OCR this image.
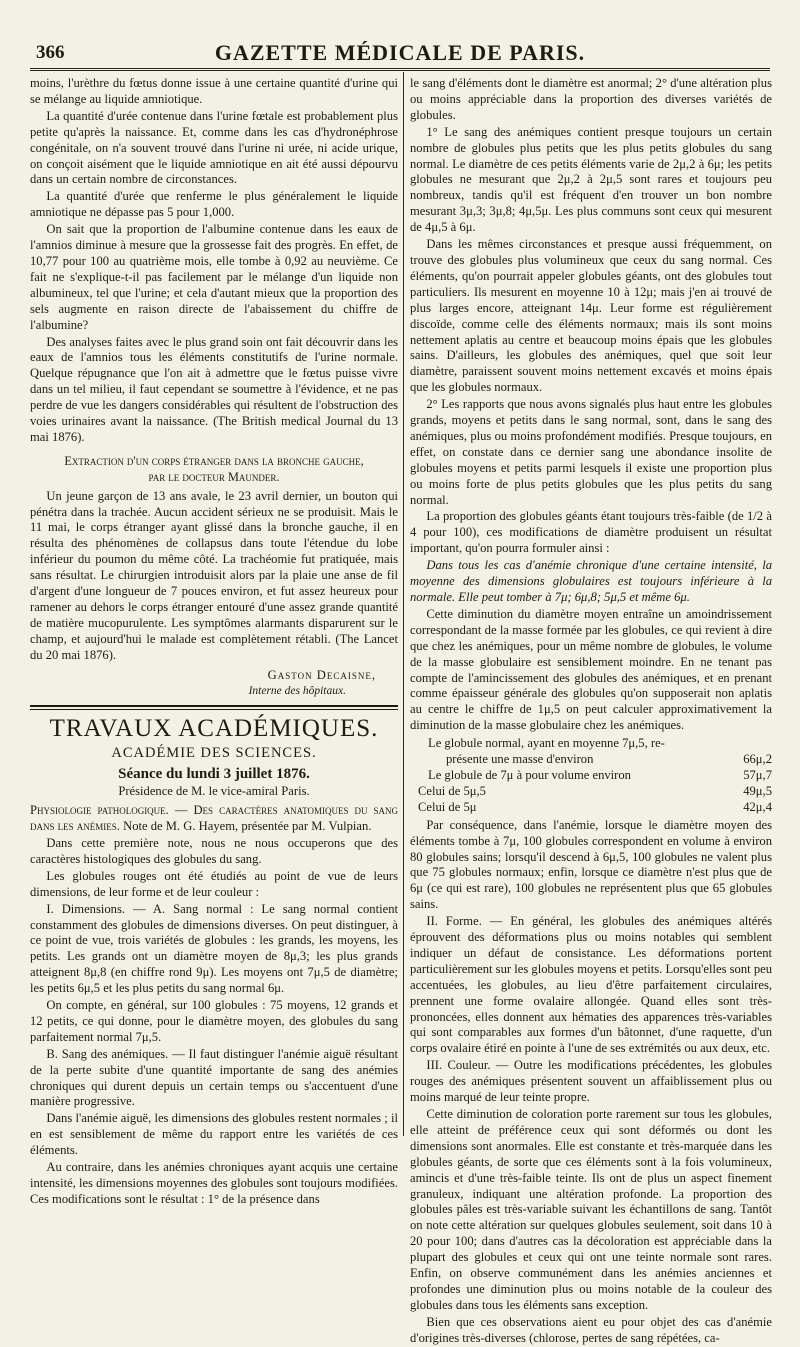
366	GAZETTE MÉDICALE DE PARIS.

moins, l'urèthre du fœtus donne issue à une certaine quantité d'urine qui se mélange au liquide amniotique.

La quantité d'urée contenue dans l'urine fœtale est probablement plus petite qu'après la naissance. Et, comme dans les cas d'hydronéphrose congénitale, on n'a souvent trouvé dans l'urine ni urée, ni acide urique, on conçoit aisément que le liquide amniotique en ait été aussi dépourvu dans un certain nombre de circonstances.

La quantité d'urée que renferme le plus généralement le liquide amniotique ne dépasse pas 5 pour 1,000.

On sait que la proportion de l'albumine contenue dans les eaux de l'amnios diminue à mesure que la grossesse fait des progrès. En effet, de 10,77 pour 100 au quatrième mois, elle tombe à 0,92 au neuvième. Ce fait ne s'explique-t-il pas facilement par le mélange d'un liquide non albumineux, tel que l'urine; et cela d'autant mieux que la proportion des sels augmente en raison directe de l'abaissement du chiffre de l'albumine?

Des analyses faites avec le plus grand soin ont fait découvrir dans les eaux de l'amnios tous les éléments constitutifs de l'urine normale. Quelque répugnance que l'on ait à admettre que le fœtus puisse vivre dans un tel milieu, il faut cependant se soumettre à l'évidence, et ne pas perdre de vue les dangers considérables qui résultent de l'obstruction des voies urinaires avant la naissance. (The British medical Journal du 13 mai 1876).

Extraction d'un corps étranger dans la bronche gauche,
par le docteur Maunder.

Un jeune garçon de 13 ans avale, le 23 avril dernier, un bouton qui pénétra dans la trachée. Aucun accident sérieux ne se produisit. Mais le 11 mai, le corps étranger ayant glissé dans la bronche gauche, il en résulta des phénomènes de collapsus dans toute l'étendue du lobe inférieur du poumon du même côté. La trachéomie fut pratiquée, mais sans résultat. Le chirurgien introduisit alors par la plaie une anse de fil d'argent d'une longueur de 7 pouces environ, et fut assez heureux pour ramener au dehors le corps étranger entouré d'une assez grande quantité de matière mucopurulente. Les symptômes alarmants disparurent sur le champ, et aujourd'hui le malade est complètement rétabli. (The Lancet du 20 mai 1876).

Gaston Decaisne,
Interne des hôpitaux.
TRAVAUX ACADÉMIQUES.
ACADÉMIE DES SCIENCES.
Séance du lundi 3 juillet 1876.
Présidence de M. le vice-amiral Paris.

Physiologie pathologique. — Des caractères anatomiques du sang dans les anémies. Note de M. G. Hayem, présentée par M. Vulpian.

Dans cette première note, nous ne nous occuperons que des caractères histologiques des globules du sang.

Les globules rouges ont été étudiés au point de vue de leurs dimensions, de leur forme et de leur couleur :

I. Dimensions. — A. Sang normal : Le sang normal contient constamment des globules de dimensions diverses. On peut distinguer, à ce point de vue, trois variétés de globules : les grands, les moyens, les petits. Les grands ont un diamètre moyen de 8μ,3; les plus grands atteignent 8μ,8 (en chiffre rond 9μ). Les moyens ont 7μ,5 de diamètre; les petits 6μ,5 et les plus petits du sang normal 6μ.

On compte, en général, sur 100 globules : 75 moyens, 12 grands et 12 petits, ce qui donne, pour le diamètre moyen, des globules du sang parfaitement normal 7μ,5.

B. Sang des anémiques. — Il faut distinguer l'anémie aiguë résultant de la perte subite d'une quantité importante de sang des anémies chroniques qui durent depuis un certain temps ou s'accentuent d'une manière progressive.

Dans l'anémie aiguë, les dimensions des globules restent normales ; il en est sensiblement de même du rapport entre les variétés de ces éléments.

Au contraire, dans les anémies chroniques ayant acquis une certaine intensité, les dimensions moyennes des globules sont toujours modifiées. Ces modifications sont le résultat : 1° de la présence dans

le sang d'éléments dont le diamètre est anormal; 2° d'une altération plus ou moins appréciable dans la proportion des diverses variétés de globules.

1° Le sang des anémiques contient presque toujours un certain nombre de globules plus petits que les plus petits globules du sang normal. Le diamètre de ces petits éléments varie de 2μ,2 à 6μ; les petits globules ne mesurant que 2μ,2 à 2μ,5 sont rares et toujours peu nombreux, tandis qu'il est fréquent d'en trouver un bon nombre mesurant 3μ,3; 3μ,8; 4μ,5μ. Les plus communs sont ceux qui mesurent de 4μ,5 à 6μ.

Dans les mêmes circonstances et presque aussi fréquemment, on trouve des globules plus volumineux que ceux du sang normal. Ces éléments, qu'on pourrait appeler globules géants, ont des globules tout particuliers. Ils mesurent en moyenne 10 à 12μ; mais j'en ai trouvé de plus larges encore, atteignant 14μ. Leur forme est régulièrement discoïde, comme celle des éléments normaux; mais ils sont moins nettement aplatis au centre et beaucoup moins épais que les globules sains. D'ailleurs, les globules des anémiques, quel que soit leur diamètre, paraissent souvent moins nettement excavés et moins épais que les globules normaux.

2° Les rapports que nous avons signalés plus haut entre les globules grands, moyens et petits dans le sang normal, sont, dans le sang des anémiques, plus ou moins profondément modifiés. Presque toujours, en effet, on constate dans ce dernier sang une abondance insolite de globules moyens et petits parmi lesquels il existe une proportion plus ou moins forte de plus petits globules que les plus petits du sang normal.

La proportion des globules géants étant toujours très-faible (de 1/2 à 4 pour 100), ces modifications de diamètre produisent un résultat important, qu'on pourra formuler ainsi :

Dans tous les cas d'anémie chronique d'une certaine intensité, la moyenne des dimensions globulaires est toujours inférieure à la normale. Elle peut tomber à 7μ; 6μ,8; 5μ,5 et même 6μ.

Cette diminution du diamètre moyen entraîne un amoindrissement correspondant de la masse formée par les globules, ce qui revient à dire que chez les anémiques, pour un même nombre de globules, le volume de la masse globulaire est sensiblement moindre. En ne tenant pas compte de l'amincissement des globules des anémiques, et en prenant comme épaisseur générale des globules qu'on supposerait non aplatis au centre le chiffre de 1μ,5 on peut calculer approximativement la diminution de la masse globulaire chez les anémiques.

Le globule normal, ayant en moyenne 7μ,5, re-
présente une masse d'environ	66μ,2
Le globule de 7μ à pour volume environ	57μ,7
Celui de 5μ,5	49μ,5
Celui de 5μ	42μ,4

Par conséquence, dans l'anémie, lorsque le diamètre moyen des éléments tombe à 7μ, 100 globules correspondent en volume à environ 80 globules sains; lorsqu'il descend à 6μ,5, 100 globules ne valent plus que 75 globules normaux; enfin, lorsque ce diamètre n'est plus que de 6μ (ce qui est rare), 100 globules ne représentent plus que 65 globules sains.

II. Forme. — En général, les globules des anémiques altérés éprouvent des déformations plus ou moins notables qui semblent indiquer un défaut de consistance. Les déformations portent particulièrement sur les globules moyens et petits. Lorsqu'elles sont peu accentuées, les globules, au lieu d'être parfaitement circulaires, prennent une forme ovalaire allongée. Quand elles sont très-prononcées, elles donnent aux hématies des apparences très-variables qui sont comparables aux formes d'un bâtonnet, d'une raquette, d'un corps ovalaire étiré en pointe à l'une de ses extrémités ou aux deux, etc.

III. Couleur. — Outre les modifications précédentes, les globules rouges des anémiques présentent souvent un affaiblissement plus ou moins marqué de leur teinte propre.

Cette diminution de coloration porte rarement sur tous les globules, elle atteint de préférence ceux qui sont déformés ou dont les dimensions sont anormales. Elle est constante et très-marquée dans les globules géants, de sorte que ces éléments sont à la fois volumineux, amincis et d'une très-faible teinte. Ils ont de plus un aspect finement granuleux, indiquant une altération profonde. La proportion des globules pâles est très-variable suivant les échantillons de sang. Tantôt on note cette altération sur quelques globules seulement, soit dans 10 à 20 pour 100; dans d'autres cas la décoloration est appréciable dans la plupart des globules et ceux qui ont une teinte normale sont rares. Enfin, on observe communément dans les anémies anciennes et profondes une diminution plus ou moins notable de la couleur des globules dans tous les éléments sans exception.

Bien que ces observations aient eu pour objet des cas d'anémie d'origines très-diverses (chlorose, pertes de sang répétées, ca-
